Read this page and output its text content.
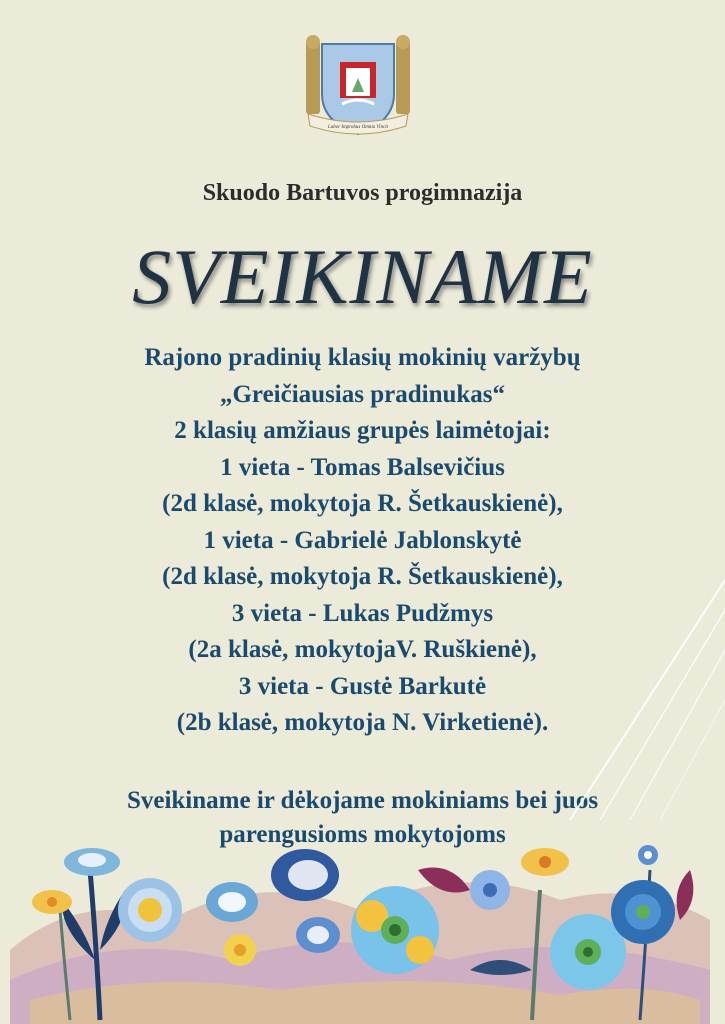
Labor Improbus Omnia Vincit
Skuodo Bartuvos progimnazija
SVEIKINAME
Rajono pradinių klasių mokinių varžybų
„Greičiausias pradinukas“
2 klasių amžiaus grupės laimėtojai:
1 vieta - Tomas Balsevičius
(2d klasė, mokytoja R. Šetkauskienė),
1 vieta - Gabrielė Jablonskytė
(2d klasė, mokytoja R. Šetkauskienė),
3 vieta - Lukas Pudžmys
(2a klasė, mokytojaV. Ruškienė),
3 vieta - Gustė Barkutė
(2b klasė, mokytoja N. Virketienė).
Sveikiname ir dėkojame mokiniams bei juos
parengusioms mokytojoms
